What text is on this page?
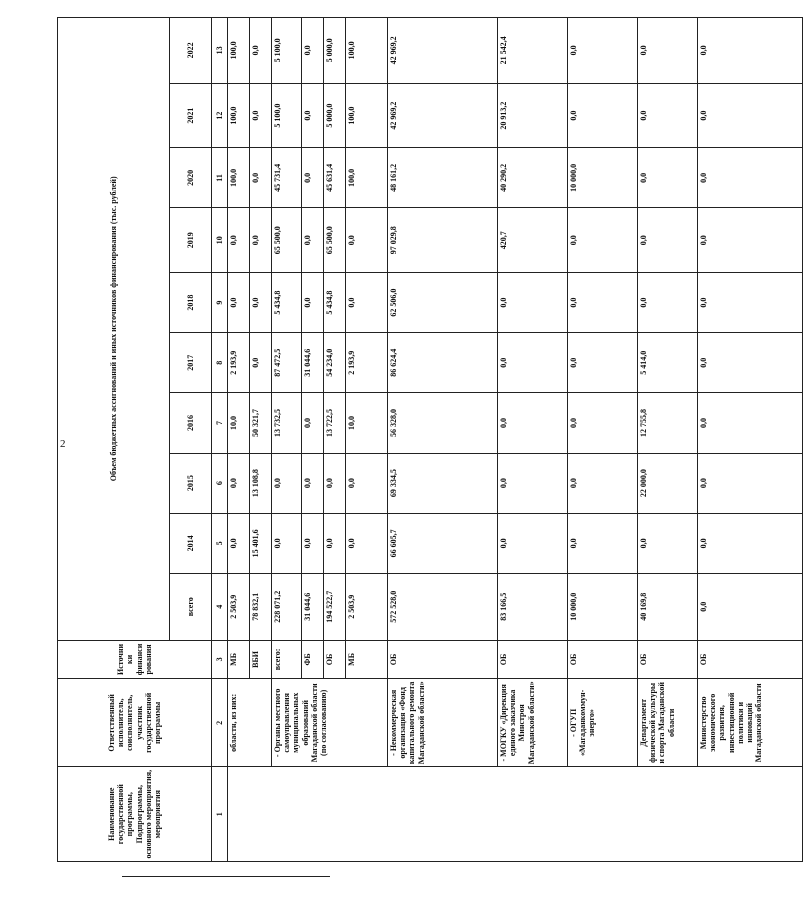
2
Наименование государственной программы, Подпрограммы, основного мероприятия, мероприятия	Ответственный исполнитель, соисполнитель, участник государственной программы	Источники финансирования	Объем бюджетных ассигнований и иных источников финансирования (тыс. рублей)									
			всего	2014	2015	2016	2017	2018	2019	2020	2021	2022
1	2	3	4	5	6	7	8	9	10	11	12	13
	областн, из них:	МБ	2 503,9	0,0	0,0	10,0	2 193,9	0,0	0,0	100,0	100,0	100,0
		ВБИ	78 832,1	15 401,6	13 108,8	50 321,7	0,0	0,0	0,0	0,0	0,0	0,0
	- Органы местного самоуправления муниципальных образований Магаданской области (по согласованию)	всего:	228 071,2	0,0	0,0	13 732,5	87 472,5	5 434,8	65 500,0	45 731,4	5 100,0	5 100,0
		ФБ	31 044,6	0,0	0,0	0,0	31 044,6	0,0	0,0	0,0	0,0	0,0
		ОБ	194 522,7	0,0	0,0	13 722,5	54 234,0	5 434,8	65 500,0	45 631,4	5 000,0	5 000,0
		МБ	2 503,9	0,0	0,0	10,0	2 193,9	0,0	0,0	100,0	100,0	100,0
	- Некоммерческая организация «Фонд капитального ремонта Магаданской области»	ОБ	572 528,0	66 605,7	69 334,5	56 328,0	86 624,4	62 506,0	97 029,8	48 161,2	42 969,2	42 969,2
	- МОГКУ «Дирекция единого заказчика Минстроя Магаданской области»	ОБ	83 166,5	0,0	0,0	0,0	0,0	0,0	420,7	40 290,2	20 913,2	21 542,4
	- ОГУП «Магаданкоммун-энерго»	ОБ	10 000,0	0,0	0,0	0,0	0,0	0,0	0,0	10 000,0	0,0	0,0
	Департамент физической культуры и спорта Магаданской области	ОБ	40 169,8	0,0	22 000,0	12 755,8	5 414,0	0,0	0,0	0,0	0,0	0,0
	Министерство экономического развития, инвестиционной политики и инноваций Магаданской области	ОБ	0,0	0,0	0,0	0,0	0,0	0,0	0,0	0,0	0,0	0,0
